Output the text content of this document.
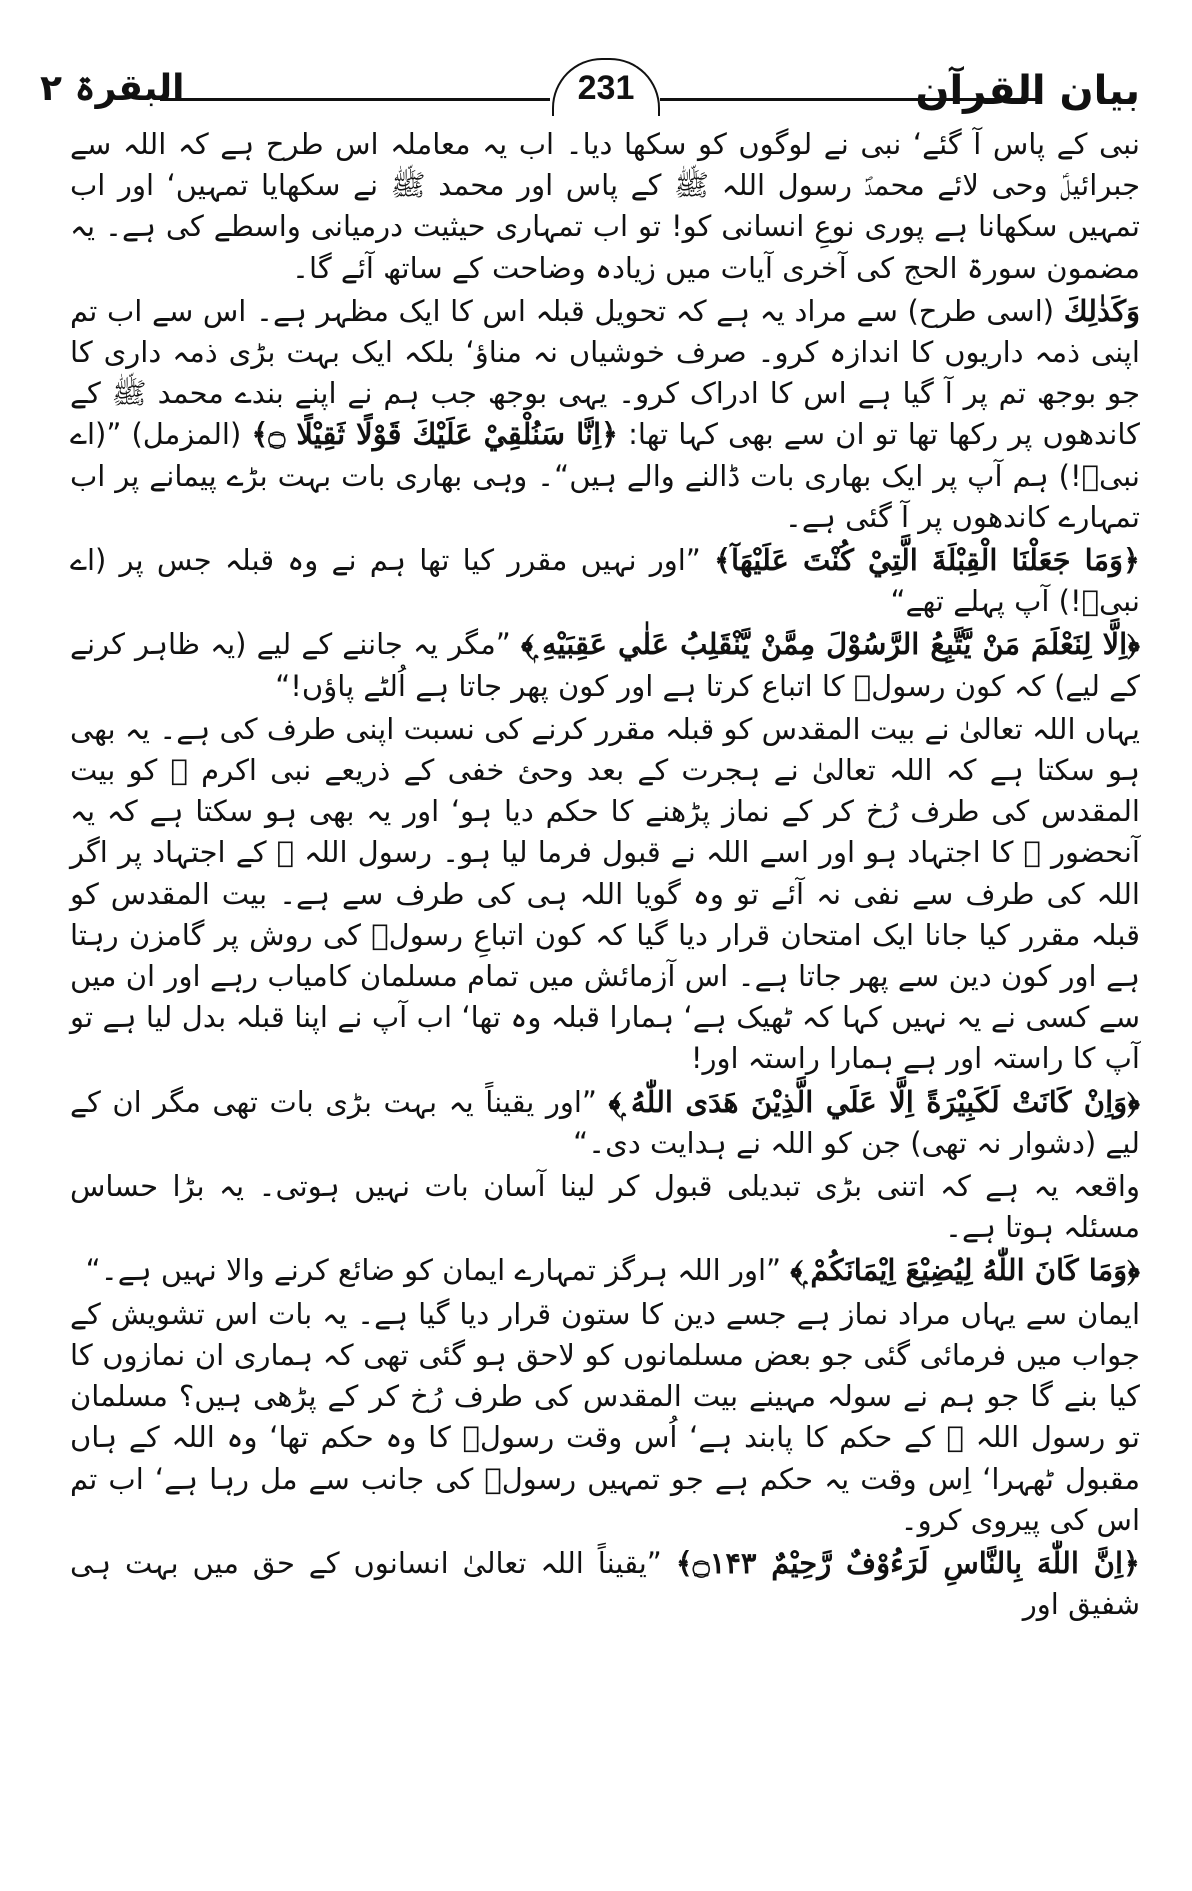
بیان القرآن
231
البقرۃ ۲

نبی کے پاس آ گئے‘ نبی نے لوگوں کو سکھا دیا۔ اب یہ معاملہ اس طرح ہے کہ اللہ سے جبرائیلؑ وحی لائے محمدؐ رسول اللہ ﷺ کے پاس اور محمد ﷺ نے سکھایا تمہیں‘ اور اب تمہیں سکھانا ہے پوری نوعِ انسانی کو! تو اب تمہاری حیثیت درمیانی واسطے کی ہے۔ یہ مضمون سورۃ الحج کی آخری آیات میں زیادہ وضاحت کے ساتھ آئے گا۔

وَكَذٰلِكَ (اسی طرح) سے مراد یہ ہے کہ تحویل قبلہ اس کا ایک مظہر ہے۔ اس سے اب تم اپنی ذمہ داریوں کا اندازہ کرو۔ صرف خوشیاں نہ مناؤ‘ بلکہ ایک بہت بڑی ذمہ داری کا جو بوجھ تم پر آ گیا ہے اس کا ادراک کرو۔ یہی بوجھ جب ہم نے اپنے بندے محمد ﷺ کے کاندھوں پر رکھا تھا تو ان سے بھی کہا تھا: ﴿اِنَّا سَنُلْقِيْ عَلَيْكَ قَوْلًا ثَقِيْلًا ۝﴾ (المزمل) ”(اے نبیؐ!) ہم آپ پر ایک بھاری بات ڈالنے والے ہیں“۔ وہی بھاری بات بہت بڑے پیمانے پر اب تمہارے کاندھوں پر آ گئی ہے۔

﴿وَمَا جَعَلْنَا الْقِبْلَةَ الَّتِيْ كُنْتَ عَلَيْهَآ﴾ ”اور نہیں مقرر کیا تھا ہم نے وہ قبلہ جس پر (اے نبیؐ!) آپ پہلے تھے“

﴿اِلَّا لِنَعْلَمَ مَنْ يَّتَّبِعُ الرَّسُوْلَ مِمَّنْ يَّنْقَلِبُ عَلٰي عَقِبَيْهِ ۭ﴾ ”مگر یہ جاننے کے لیے (یہ ظاہر کرنے کے لیے) کہ کون رسولؐ کا اتباع کرتا ہے اور کون پھر جاتا ہے اُلٹے پاؤں!“

یہاں اللہ تعالیٰ نے بیت المقدس کو قبلہ مقرر کرنے کی نسبت اپنی طرف کی ہے۔ یہ بھی ہو سکتا ہے کہ اللہ تعالیٰ نے ہجرت کے بعد وحئ خفی کے ذریعے نبی اکرم ﷺ کو بیت المقدس کی طرف رُخ کر کے نماز پڑھنے کا حکم دیا ہو‘ اور یہ بھی ہو سکتا ہے کہ یہ آنحضور ﷺ کا اجتہاد ہو اور اسے اللہ نے قبول فرما لیا ہو۔ رسول اللہ ﷺ کے اجتہاد پر اگر اللہ کی طرف سے نفی نہ آئے تو وہ گویا اللہ ہی کی طرف سے ہے۔ بیت المقدس کو قبلہ مقرر کیا جانا ایک امتحان قرار دیا گیا کہ کون اتباعِ رسولؐ کی روش پر گامزن رہتا ہے اور کون دین سے پھر جاتا ہے۔ اس آزمائش میں تمام مسلمان کامیاب رہے اور ان میں سے کسی نے یہ نہیں کہا کہ ٹھیک ہے‘ ہمارا قبلہ وہ تھا‘ اب آپ نے اپنا قبلہ بدل لیا ہے تو آپ کا راستہ اور ہے ہمارا راستہ اور!

﴿وَاِنْ كَانَتْ لَكَبِيْرَةً اِلَّا عَلَي الَّذِيْنَ هَدَى اللّٰهُ ۭ﴾ ”اور یقیناً یہ بہت بڑی بات تھی مگر ان کے لیے (دشوار نہ تھی) جن کو اللہ نے ہدایت دی۔“

واقعہ یہ ہے کہ اتنی بڑی تبدیلی قبول کر لینا آسان بات نہیں ہوتی۔ یہ بڑا حساس مسئلہ ہوتا ہے۔

﴿وَمَا كَانَ اللّٰهُ لِيُضِيْعَ اِيْمَانَكُمْ ۭ﴾ ”اور اللہ ہرگز تمہارے ایمان کو ضائع کرنے والا نہیں ہے۔“

ایمان سے یہاں مراد نماز ہے جسے دین کا ستون قرار دیا گیا ہے۔ یہ بات اس تشویش کے جواب میں فرمائی گئی جو بعض مسلمانوں کو لاحق ہو گئی تھی کہ ہماری ان نمازوں کا کیا بنے گا جو ہم نے سولہ مہینے بیت المقدس کی طرف رُخ کر کے پڑھی ہیں؟ مسلمان تو رسول اللہ ﷺ کے حکم کا پابند ہے‘ اُس وقت رسولؐ کا وہ حکم تھا‘ وہ اللہ کے ہاں مقبول ٹھہرا‘ اِس وقت یہ حکم ہے جو تمہیں رسولؐ کی جانب سے مل رہا ہے‘ اب تم اس کی پیروی کرو۔

﴿اِنَّ اللّٰهَ بِالنَّاسِ لَرَءُوْفٌ رَّحِيْمٌ ۝۱۴۳﴾ ”یقیناً اللہ تعالیٰ انسانوں کے حق میں بہت ہی شفیق اور
